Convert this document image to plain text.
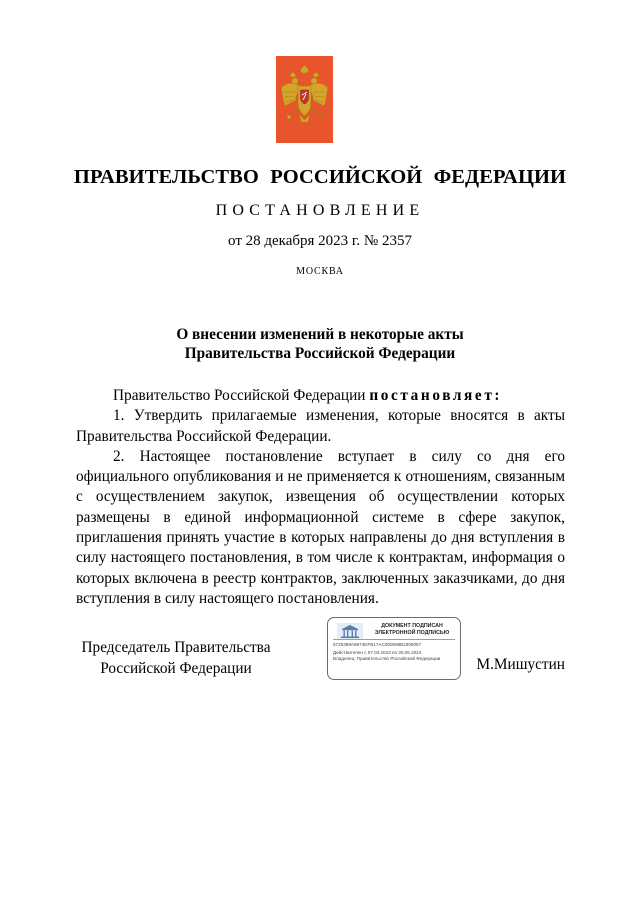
ПРАВИТЕЛЬСТВО РОССИЙСКОЙ ФЕДЕРАЦИИ
ПОСТАНОВЛЕНИЕ
от 28 декабря 2023 г. № 2357
МОСКВА
О внесении изменений в некоторые акты
Правительства Российской Федерации

Правительство Российской Федерации постановляет:

1. Утвердить прилагаемые изменения, которые вносятся в акты Правительства Российской Федерации.

2. Настоящее постановление вступает в силу со дня его официального опубликования и не применяется к отношениям, связанным с осуществлением закупок, извещения об осуществлении которых размещены в единой информационной системе в сфере закупок, приглашения принять участие в которых направлены до дня вступления в силу настоящего постановления, в том числе к контрактам, информация о которых включена в реестр контрактов, заключенных заказчиками, до дня вступления в силу настоящего постановления.

Председатель Правительства
Российской Федерации
ДОКУМЕНТ ПОДПИСАН
ЭЛЕКТРОННОЙ ПОДПИСЬЮ
5725389A8874DFB17AC000088B2306057
Действителен с 07.03.2023 по 30.05.2024
Владелец: Правительство Российской Федерации	М.Мишустин
